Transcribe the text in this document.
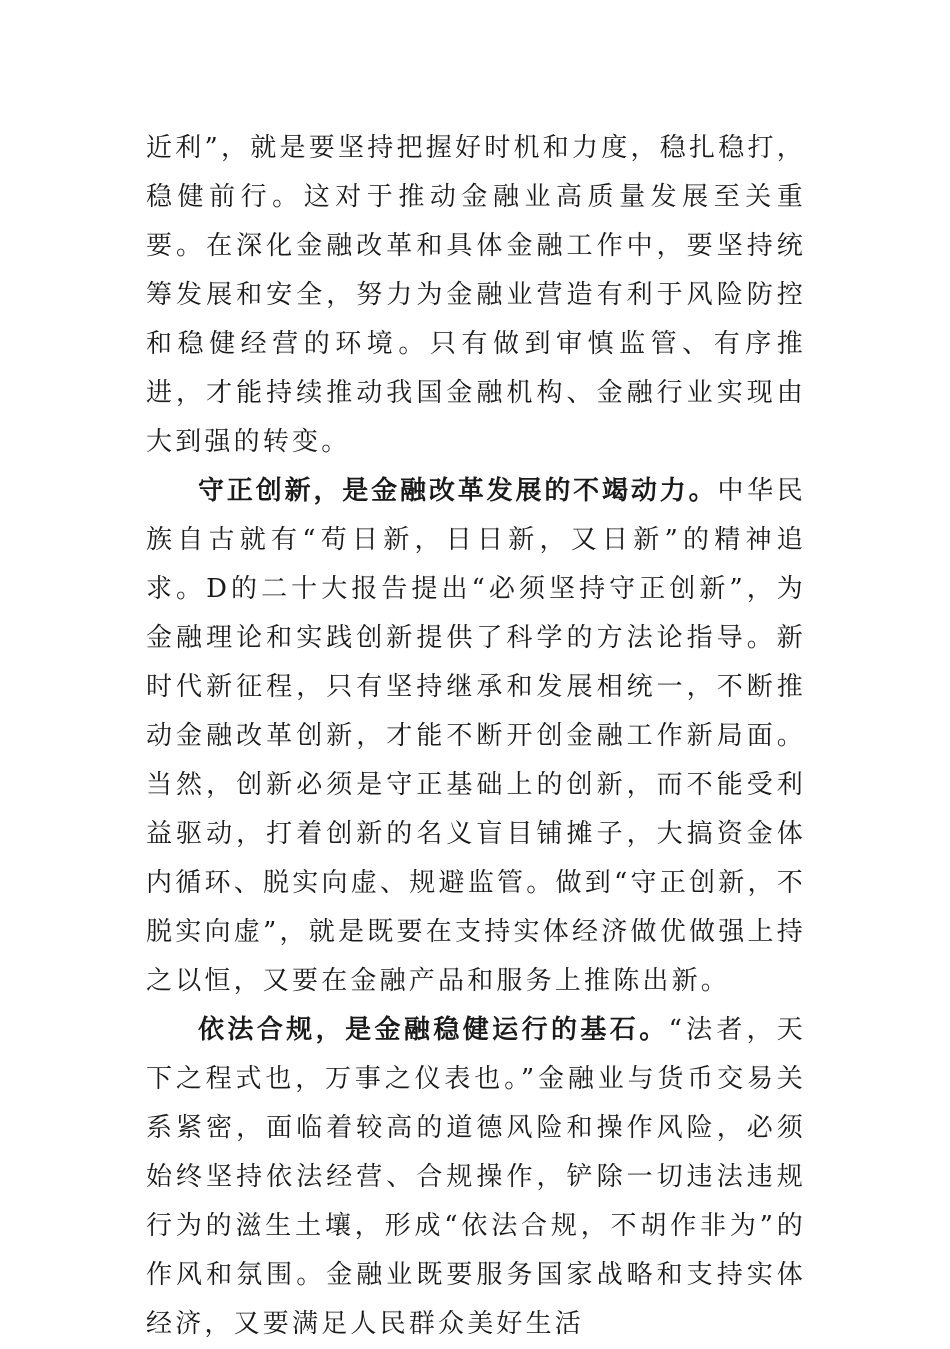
近利”，就是要坚持把握好时机和力度，稳扎稳打，稳健前行。这对于推动金融业高质量发展至关重要。在深化金融改革和具体金融工作中，要坚持统筹发展和安全，努力为金融业营造有利于风险防控和稳健经营的环境。只有做到审慎监管、有序推进，才能持续推动我国金融机构、金融行业实现由大到强的转变。

守正创新，是金融改革发展的不竭动力。中华民族自古就有“苟日新，日日新，又日新”的精神追求。D的二十大报告提出“必须坚持守正创新”，为金融理论和实践创新提供了科学的方法论指导。新时代新征程，只有坚持继承和发展相统一，不断推动金融改革创新，才能不断开创金融工作新局面。当然，创新必须是守正基础上的创新，而不能受利益驱动，打着创新的名义盲目铺摊子，大搞资金体内循环、脱实向虚、规避监管。做到“守正创新，不脱实向虚”，就是既要在支持实体经济做优做强上持之以恒，又要在金融产品和服务上推陈出新。

依法合规，是金融稳健运行的基石。“法者，天下之程式也，万事之仪表也。”金融业与货币交易关系紧密，面临着较高的道德风险和操作风险，必须始终坚持依法经营、合规操作，铲除一切违法违规行为的滋生土壤，形成“依法合规，不胡作非为”的作风和氛围。金融业既要服务国家战略和支持实体经济，又要满足人民群众美好生活
